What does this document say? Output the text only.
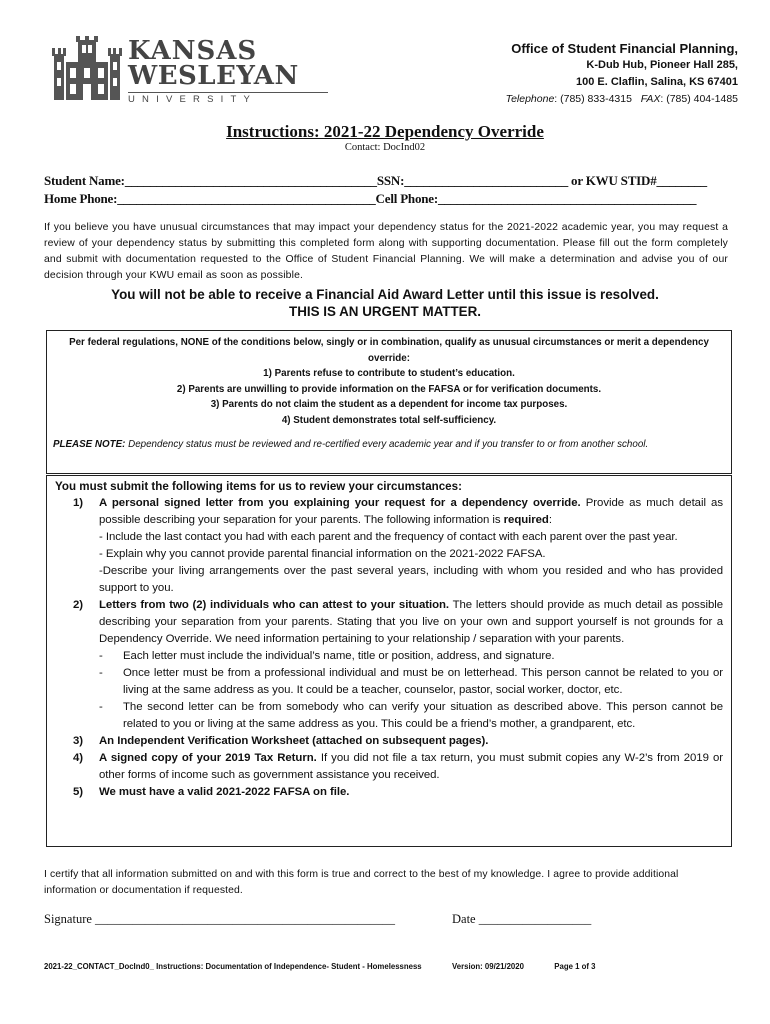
KANSAS
WESLEYAN
UNIVERSITY
Office of Student Financial Planning,
K-Dub Hub, Pioneer Hall 285,
100 E. Claflin, Salina, KS 67401
Telephone: (785) 833-4315 FAX: (785) 404-1485
Instructions: 2021-22 Dependency Override
Contact: DocInd02
Student Name:________________________________________SSN:__________________________ or KWU STID#________
Home Phone:_________________________________________Cell Phone:_________________________________________
If you believe you have unusual circumstances that may impact your dependency status for the 2021-2022 academic year, you may request a review of your dependency status by submitting this completed form along with supporting documentation. Please fill out the form completely and submit with documentation requested to the Office of Student Financial Planning. We will make a determination and advise you of our decision through your KWU email as soon as possible.
You will not be able to receive a Financial Aid Award Letter until this issue is resolved.
THIS IS AN URGENT MATTER.
Per federal regulations, NONE of the conditions below, singly or in combination, qualify as unusual circumstances or merit a dependency override:
1) Parents refuse to contribute to student’s education.
2) Parents are unwilling to provide information on the FAFSA or for verification documents.
3) Parents do not claim the student as a dependent for income tax purposes.
4) Student demonstrates total self-sufficiency.
PLEASE NOTE: Dependency status must be reviewed and re-certified every academic year and if you transfer to or from another school.
You must submit the following items for us to review your circumstances:
1) A personal signed letter from you explaining your request for a dependency override. Provide as much detail as possible describing your separation for your parents. The following information is required:
- Include the last contact you had with each parent and the frequency of contact with each parent over the past year.
- Explain why you cannot provide parental financial information on the 2021-2022 FAFSA.
-Describe your living arrangements over the past several years, including with whom you resided and who has provided support to you.
2) Letters from two (2) individuals who can attest to your situation. The letters should provide as much detail as possible describing your separation from your parents. Stating that you live on your own and support yourself is not grounds for a Dependency Override. We need information pertaining to your relationship / separation with your parents.
- Each letter must include the individual’s name, title or position, address, and signature.
- Once letter must be from a professional individual and must be on letterhead. This person cannot be related to you or living at the same address as you. It could be a teacher, counselor, pastor, social worker, doctor, etc.
- The second letter can be from somebody who can verify your situation as described above. This person cannot be related to you or living at the same address as you. This could be a friend’s mother, a grandparent, etc.
3) An Independent Verification Worksheet (attached on subsequent pages).
4) A signed copy of your 2019 Tax Return. If you did not file a tax return, you must submit copies any W-2’s from 2019 or other forms of income such as government assistance you received.
5) We must have a valid 2021-2022 FAFSA on file.
I certify that all information submitted on and with this form is true and correct to the best of my knowledge. I agree to provide additional information or documentation if requested.
Signature ________________________________________________	Date __________________
2021-22_CONTACT_DocInd0_ Instructions: Documentation of Independence- Student - Homelessness	Version: 09/21/2020	Page 1 of 3
